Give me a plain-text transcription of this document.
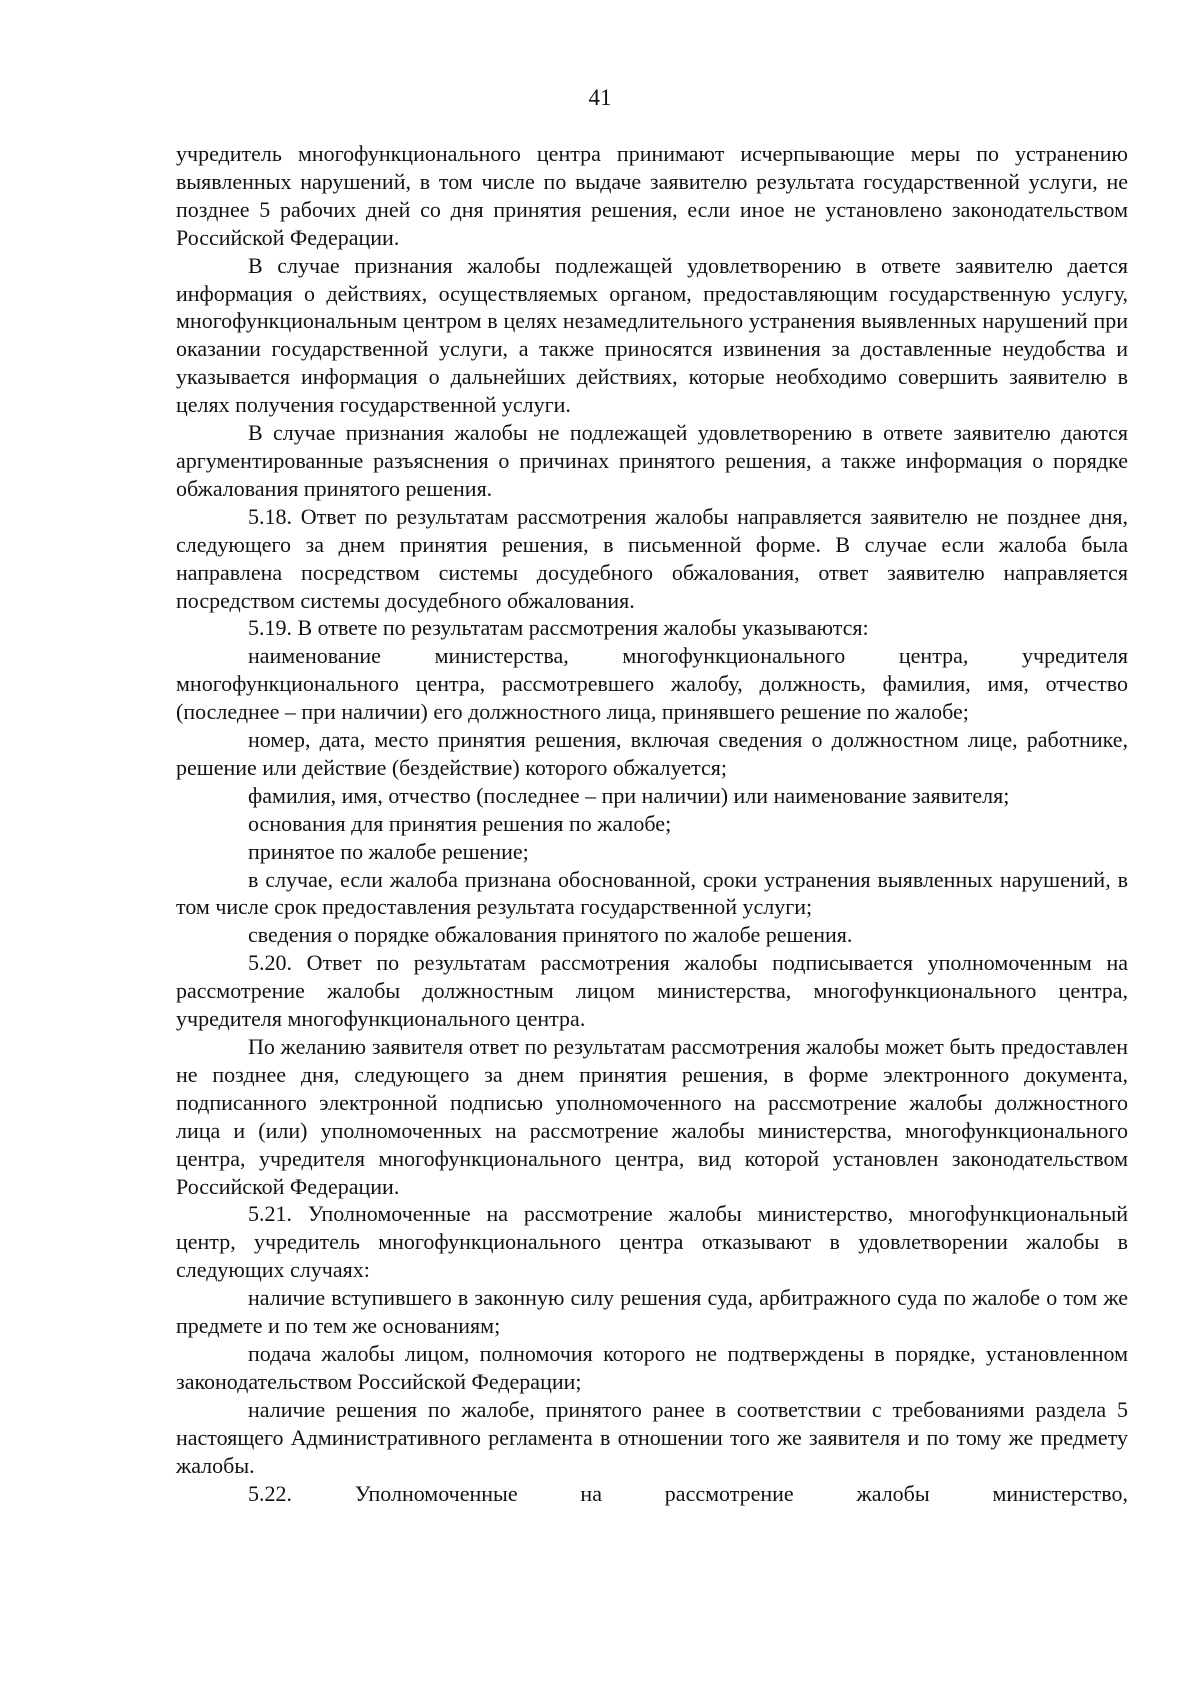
41

учредитель многофункционального центра принимают исчерпывающие меры по устранению выявленных нарушений, в том числе по выдаче заявителю результата государственной услуги, не позднее 5 рабочих дней со дня принятия решения, если иное не установлено законодательством Российской Федерации.

В случае признания жалобы подлежащей удовлетворению в ответе заявителю дается информация о действиях, осуществляемых органом, предоставляющим государственную услугу, многофункциональным центром в целях незамедлительного устранения выявленных нарушений при оказании государственной услуги, а также приносятся извинения за доставленные неудобства и указывается информация о дальнейших действиях, которые необходимо совершить заявителю в целях получения государственной услуги.

В случае признания жалобы не подлежащей удовлетворению в ответе заявителю даются аргументированные разъяснения о причинах принятого решения, а также информация о порядке обжалования принятого решения.

5.18. Ответ по результатам рассмотрения жалобы направляется заявителю не позднее дня, следующего за днем принятия решения, в письменной форме. В случае если жалоба была направлена посредством системы досудебного обжалования, ответ заявителю направляется посредством системы досудебного обжалования.

5.19. В ответе по результатам рассмотрения жалобы указываются:

наименование министерства, многофункционального центра, учредителя многофункционального центра, рассмотревшего жалобу, должность, фамилия, имя, отчество (последнее – при наличии) его должностного лица, принявшего решение по жалобе;

номер, дата, место принятия решения, включая сведения о должностном лице, работнике, решение или действие (бездействие) которого обжалуется;

фамилия, имя, отчество (последнее – при наличии) или наименование заявителя;

основания для принятия решения по жалобе;

принятое по жалобе решение;

в случае, если жалоба признана обоснованной, сроки устранения выявленных нарушений, в том числе срок предоставления результата государственной услуги;

сведения о порядке обжалования принятого по жалобе решения.

5.20. Ответ по результатам рассмотрения жалобы подписывается уполномоченным на рассмотрение жалобы должностным лицом министерства, многофункционального центра, учредителя многофункционального центра.

По желанию заявителя ответ по результатам рассмотрения жалобы может быть предоставлен не позднее дня, следующего за днем принятия решения, в форме электронного документа, подписанного электронной подписью уполномоченного на рассмотрение жалобы должностного лица и (или) уполномоченных на рассмотрение жалобы министерства, многофункционального центра, учредителя многофункционального центра, вид которой установлен законодательством Российской Федерации.

5.21. Уполномоченные на рассмотрение жалобы министерство, многофункциональный центр, учредитель многофункционального центра отказывают в удовлетворении жалобы в следующих случаях:

наличие вступившего в законную силу решения суда, арбитражного суда по жалобе о том же предмете и по тем же основаниям;

подача жалобы лицом, полномочия которого не подтверждены в порядке, установленном законодательством Российской Федерации;

наличие решения по жалобе, принятого ранее в соответствии с требованиями раздела 5 настоящего Административного регламента в отношении того же заявителя и по тому же предмету жалобы.

5.22. Уполномоченные на рассмотрение жалобы министерство,
